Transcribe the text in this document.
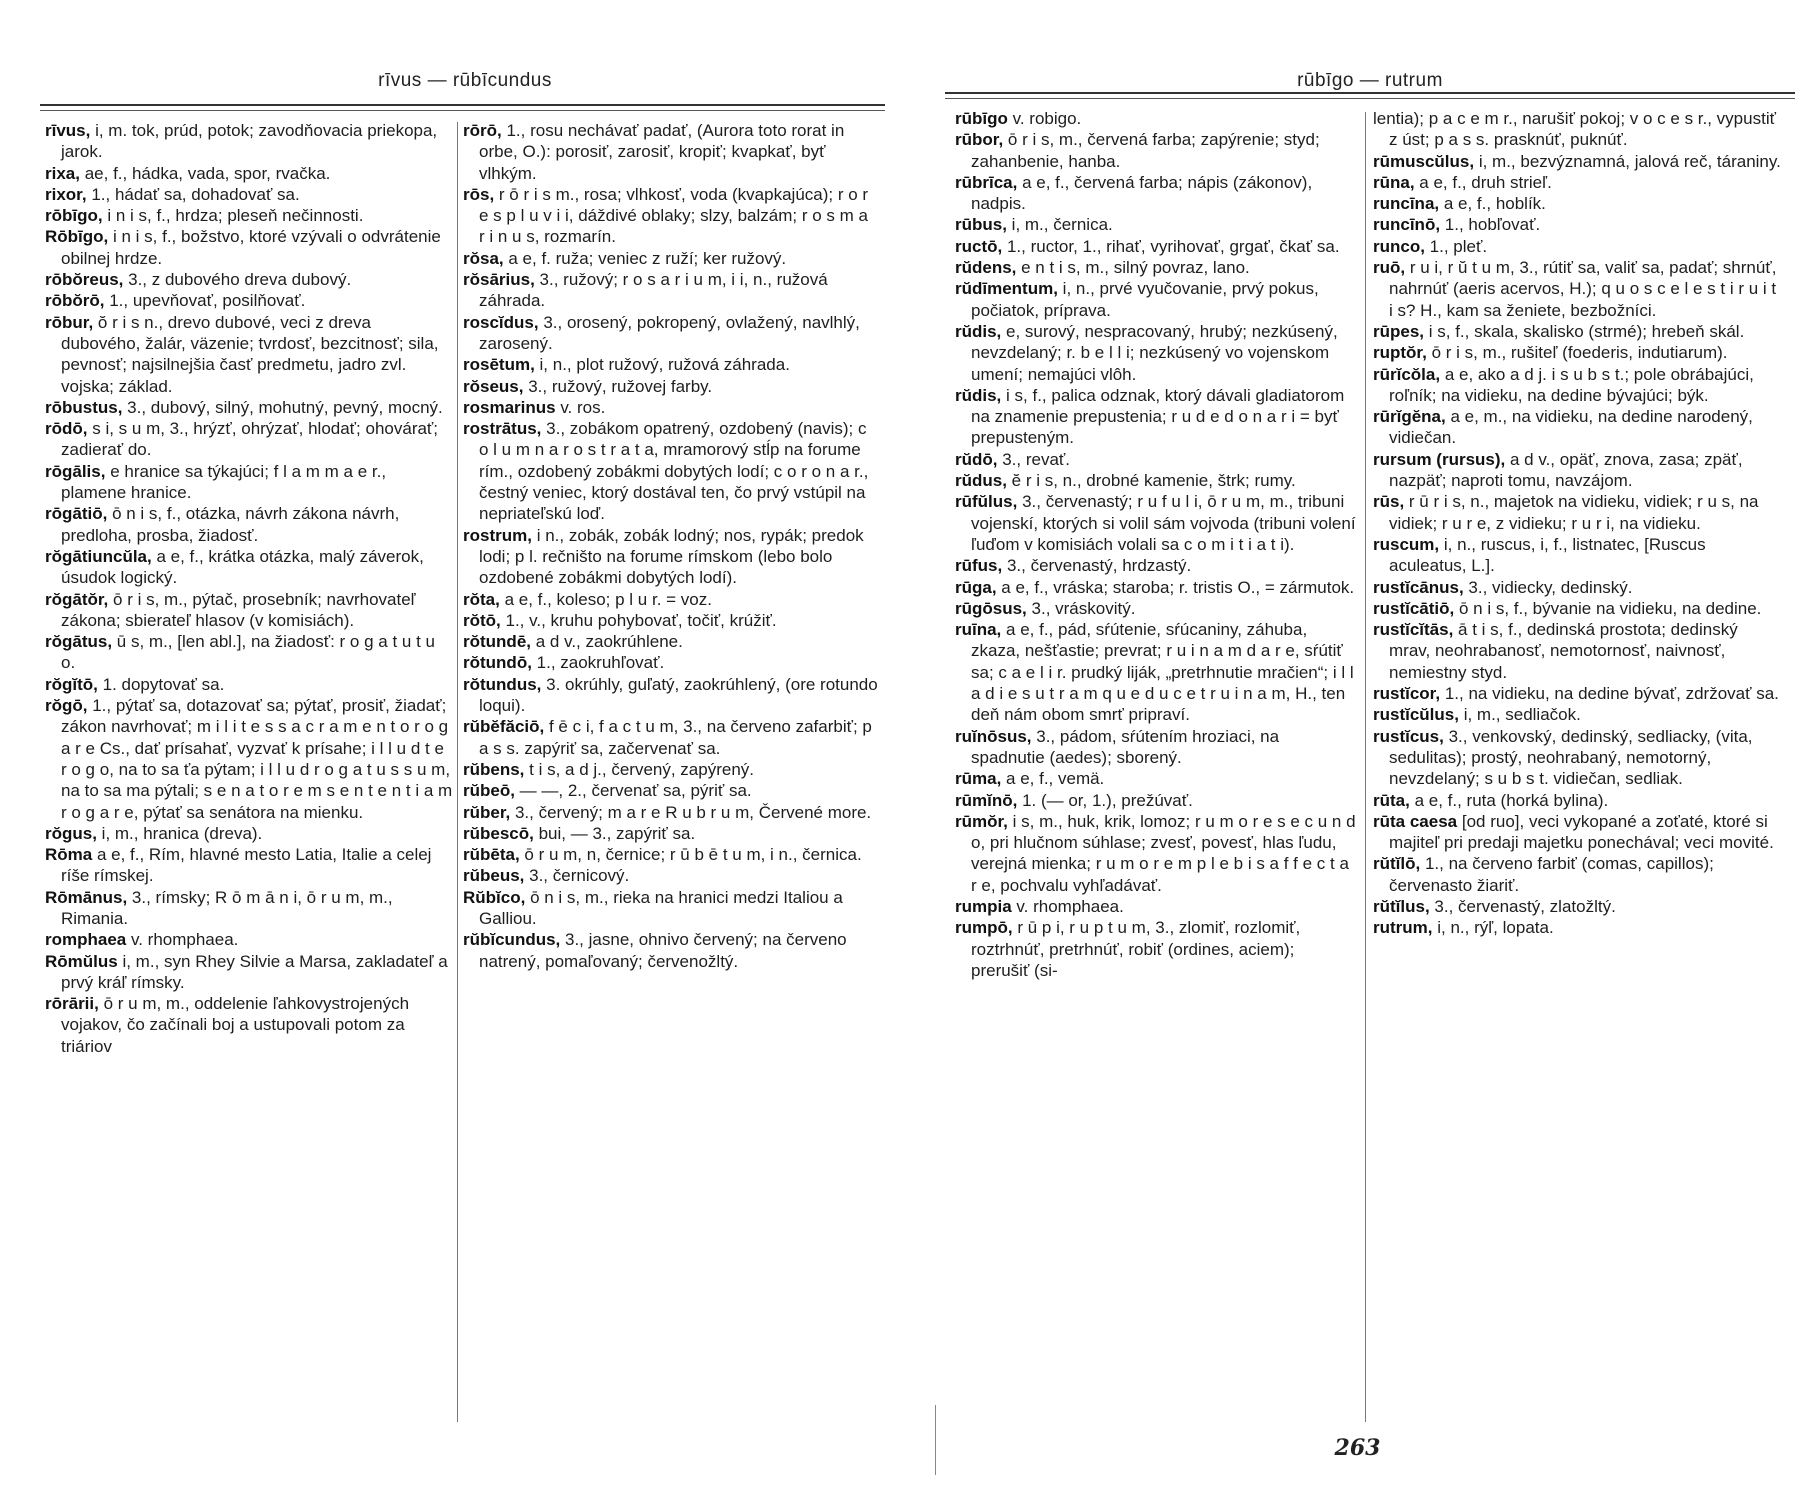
rīvus — rūbīcundus

rīvus, i, m. tok, prúd, potok; zavodňovacia priekopa, jarok.

rixa, ae, f., hádka, vada, spor, rvačka.

rixor, 1., hádať sa, dohadovať sa.

rōbīgo, i n i s, f., hrdza; pleseň nečinnosti.

Rōbīgo, i n i s, f., božstvo, ktoré vzývali o odvrátenie obilnej hrdze.

rōbŏreus, 3., z dubového dreva dubový.

rōbŏrō, 1., upevňovať, posilňovať.

rōbur, ŏ r i s n., drevo dubové, veci z dreva dubového, žalár, väzenie; tvrdosť, bezcitnosť; sila, pevnosť; najsilnejšia časť predmetu, jadro zvl. vojska; základ.

rōbustus, 3., dubový, silný, mohutný, pevný, mocný.

rōdō, s i, s u m, 3., hrýzť, ohrýzať, hlodať; ohovárať; zadierať do.

rōgālis, e hranice sa týkajúci; f l a m m a e r., plamene hranice.

rōgātiō, ō n i s, f., otázka, návrh zákona návrh, predloha, prosba, žiadosť.

rŏgātiuncŭla, a e, f., krátka otázka, malý záverok, úsudok logický.

rŏgātŏr, ō r i s, m., pýtač, prosebník; navrhovateľ zákona; sbierateľ hlasov (v komisiách).

rŏgātus, ū s, m., [len abl.], na žiadosť: r o g a t u t u o.

rŏgĭtō, 1. dopytovať sa.

rŏgō, 1., pýtať sa, dotazovať sa; pýtať, prosiť, žiadať; zákon navrhovať; m i l i t e s s a c r a m e n t o r o g a r e Cs., dať prísahať, vyzvať k prísahe; i l l u d t e r o g o, na to sa ťa pýtam; i l l u d r o g a t u s s u m, na to sa ma pýtali; s e n a t o r e m s e n t e n t i a m r o g a r e, pýtať sa senátora na mienku.

rŏgus, i, m., hranica (dreva).

Rōma a e, f., Rím, hlavné mesto Latia, Italie a celej ríše rímskej.

Rōmānus, 3., rímsky; R ō m ā n i, ō r u m, m., Rimania.

romphaea v. rhomphaea.

Rōmŭlus i, m., syn Rhey Silvie a Marsa, zakladateľ a prvý kráľ rímsky.

rōrārii, ō r u m, m., oddelenie ľahkovystrojených vojakov, čo začínali boj a ustupovali potom za triáriov

rōrō, 1., rosu nechávať padať, (Aurora toto rorat in orbe, O.): porosiť, zarosiť, kropiť; kvapkať, byť vlhkým.

rōs, r ō r i s m., rosa; vlhkosť, voda (kvapkajúca); r o r e s p l u v i i, dáždivé oblaky; slzy, balzám; r o s m a r i n u s, rozmarín.

rŏsa, a e, f. ruža; veniec z ruží; ker ružový.

rŏsārius, 3., ružový; r o s a r i u m, i i, n., ružová záhrada.

roscĭdus, 3., orosený, pokropený, ovlažený, navlhlý, zarosený.

rosētum, i, n., plot ružový, ružová záhrada.

rŏseus, 3., ružový, ružovej farby.

rosmarinus v. ros.

rostrātus, 3., zobákom opatrený, ozdobený (navis); c o l u m n a r o s t r a t a, mramorový stĺp na forume rím., ozdobený zobákmi dobytých lodí; c o r o n a r., čestný veniec, ktorý dostával ten, čo prvý vstúpil na nepriateľskú loď.

rostrum, i n., zobák, zobák lodný; nos, rypák; predok lodi; p l. rečništo na forume rímskom (lebo bolo ozdobené zobákmi dobytých lodí).

rŏta, a e, f., koleso; p l u r. = voz.

rŏtō, 1., v., kruhu pohybovať, točiť, krúžiť.

rŏtundē, a d v., zaokrúhlene.

rŏtundō, 1., zaokruhľovať.

rŏtundus, 3. okrúhly, guľatý, zaokrúhlený, (ore rotundo loqui).

rŭbĕfăciō, f ē c i, f a c t u m, 3., na červeno zafarbiť; p a s s. zapýriť sa, začervenať sa.

rŭbens, t i s, a d j., červený, zapýrený.

rŭbeō, — —, 2., červenať sa, pýriť sa.

rŭber, 3., červený; m a r e R u b r u m, Červené more.

rŭbescō, bui, — 3., zapýriť sa.

rŭbēta, ō r u m, n, černice; r ū b ē t u m, i n., černica.

rŭbeus, 3., černicový.

Rŭbĭco, ō n i s, m., rieka na hranici medzi Italiou a Galliou.

rŭbĭcundus, 3., jasne, ohnivo červený; na červeno natrený, pomaľovaný; červenožltý.

rūbīgo — rutrum

rūbīgo v. robigo.

rūbor, ō r i s, m., červená farba; zapýrenie; styd; zahanbenie, hanba.

rūbrīca, a e, f., červená farba; nápis (zákonov), nadpis.

rūbus, i, m., černica.

ructō, 1., ructor, 1., rihať, vyrihovať, grgať, čkať sa.

rŭdens, e n t i s, m., silný povraz, lano.

rŭdīmentum, i, n., prvé vyučovanie, prvý pokus, počiatok, príprava.

rŭdis, e, surový, nespracovaný, hrubý; nezkúsený, nevzdelaný; r. b e l l i; nezkúsený vo vojenskom umení; nemajúci vlôh.

rŭdis, i s, f., palica odznak, ktorý dávali gladiatorom na znamenie prepustenia; r u d e d o n a r i = byť prepusteným.

rŭdō, 3., revať.

rŭdus, ĕ r i s, n., drobné kamenie, štrk; rumy.

rūfŭlus, 3., červenastý; r u f u l i, ō r u m, m., tribuni vojenskí, ktorých si volil sám vojvoda (tribuni volení ľuďom v komisiách volali sa c o m i t i a t i).

rūfus, 3., červenastý, hrdzastý.

rūga, a e, f., vráska; staroba; r. tristis O., = zármutok.

rūgōsus, 3., vráskovitý.

ruīna, a e, f., pád, sŕútenie, sŕúcaniny, záhuba, zkaza, nešťastie; prevrat; r u i n a m d a r e, sŕútiť sa; c a e l i r. prudký liják, „pretrhnutie mračien“; i l l a d i e s u t r a m q u e d u c e t r u i n a m, H., ten deň nám obom smrť pripraví.

ruĭnōsus, 3., pádom, sŕútením hroziaci, na spadnutie (aedes); sborený.

rūma, a e, f., vemä.

rūmĭnō, 1. (— or, 1.), prežúvať.

rūmŏr, i s, m., huk, krik, lomoz; r u m o r e s e c u n d o, pri hlučnom súhlase; zvesť, povesť, hlas ľudu, verejná mienka; r u m o r e m p l e b i s a f f e c t a r e, pochvalu vyhľadávať.

rumpia v. rhomphaea.

rumpō, r ū p i, r u p t u m, 3., zlomiť, rozlomiť, roztrhnúť, pretrhnúť, robiť (ordines, aciem); prerušiť (si-

lentia); p a c e m r., narušiť pokoj; v o c e s r., vypustiť z úst; p a s s. prasknúť, puknúť.

rūmuscŭlus, i, m., bezvýznamná, jalová reč, táraniny.

rūna, a e, f., druh strieľ.

runcīna, a e, f., hoblík.

runcīnō, 1., hobľovať.

runco, 1., pleť.

ruō, r u i, r ŭ t u m, 3., rútiť sa, valiť sa, padať; shrnúť, nahrnúť (aeris acervos, H.); q u o s c e l e s t i r u i t i s? H., kam sa ženiete, bezbožníci.

rūpes, i s, f., skala, skalisko (strmé); hrebeň skál.

ruptŏr, ō r i s, m., rušiteľ (foederis, indutiarum).

rūrĭcŏla, a e, ako a d j. i s u b s t.; pole obrábajúci, roľník; na vidieku, na dedine bývajúci; býk.

rūrĭgĕna, a e, m., na vidieku, na dedine narodený, vidiečan.

rursum (rursus), a d v., opäť, znova, zasa; zpäť, nazpäť; naproti tomu, navzájom.

rūs, r ū r i s, n., majetok na vidieku, vidiek; r u s, na vidiek; r u r e, z vidieku; r u r i, na vidieku.

ruscum, i, n., ruscus, i, f., listnatec, [Ruscus aculeatus, L.].

rustĭcānus, 3., vidiecky, dedinský.

rustĭcātiō, ō n i s, f., bývanie na vidieku, na dedine.

rustĭcĭtās, ā t i s, f., dedinská prostota; dedinský mrav, neohrabanosť, nemotornosť, naivnosť, nemiestny styd.

rustĭcor, 1., na vidieku, na dedine bývať, zdržovať sa.

rustĭcŭlus, i, m., sedliačok.

rustĭcus, 3., venkovský, dedinský, sedliacky, (vita, sedulitas); prostý, neohrabaný, nemotorný, nevzdelaný; s u b s t. vidiečan, sedliak.

rūta, a e, f., ruta (horká bylina).

rūta caesa [od ruo], veci vykopané a zoťaté, ktoré si majiteľ pri predaji majetku ponechával; veci movité.

rŭtĭlō, 1., na červeno farbiť (comas, capillos); červenasto žiariť.

rŭtĭlus, 3., červenastý, zlatožltý.

rutrum, i, n., rýľ, lopata.

263
